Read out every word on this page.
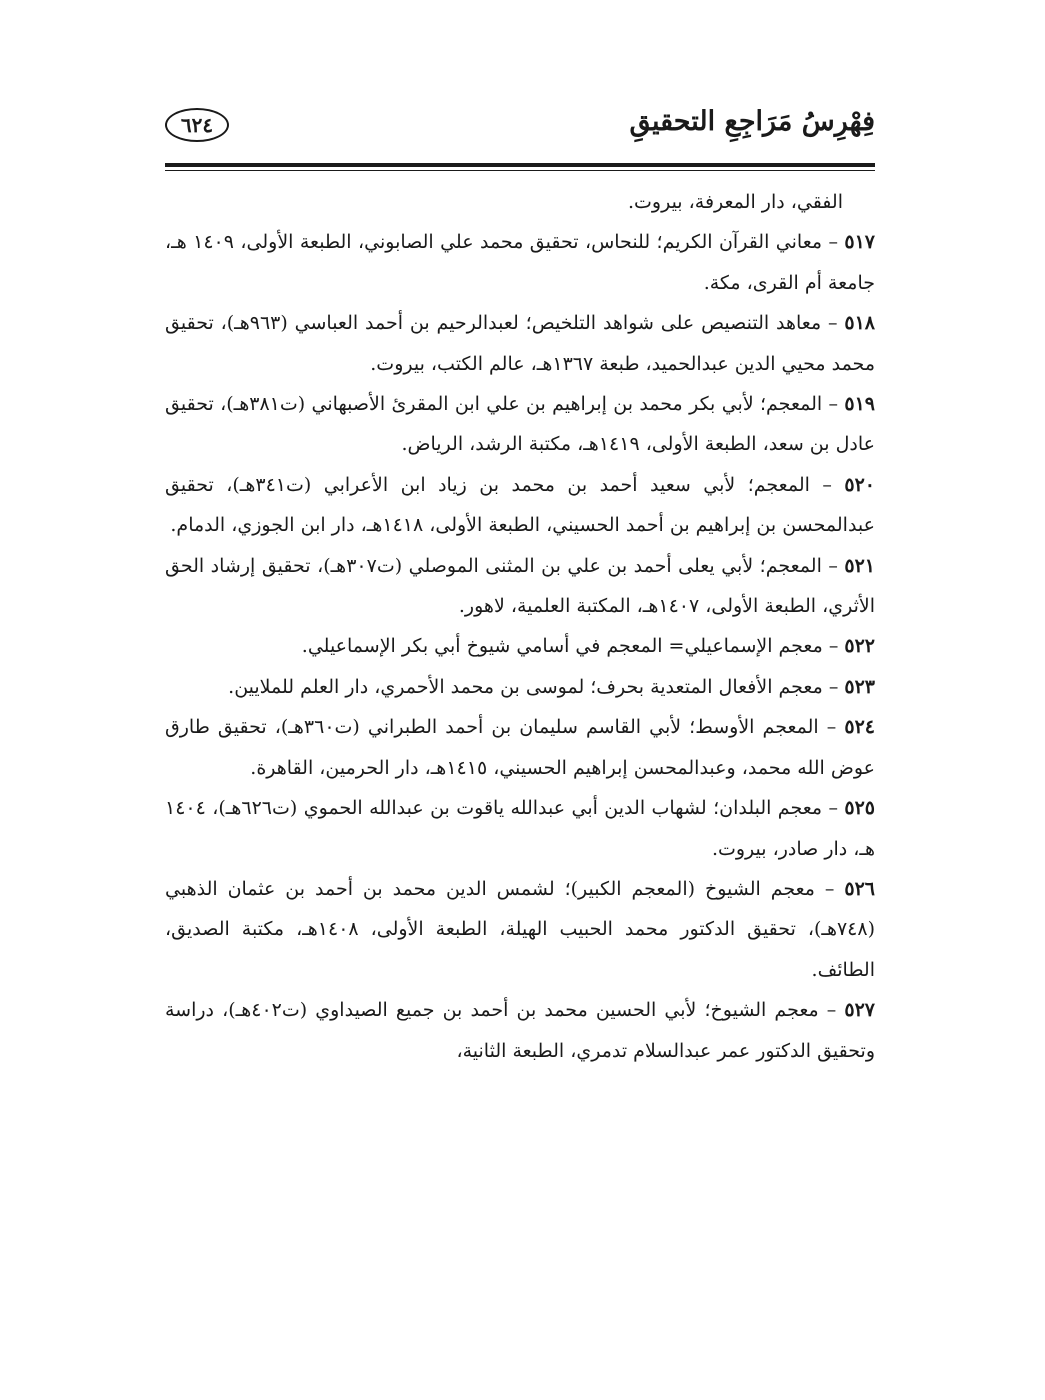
فِهْرِسُ مَرَاجِعِ التحقيقِ
٦٢٤

الفقي، دار المعرفة، بيروت.

٥١٧ – معاني القرآن الكريم؛ للنحاس، تحقيق محمد علي الصابوني، الطبعة الأولى، ١٤٠٩ هـ، جامعة أم القرى، مكة.

٥١٨ – معاهد التنصيص على شواهد التلخيص؛ لعبدالرحيم بن أحمد العباسي (٩٦٣هـ)، تحقيق محمد محيي الدين عبدالحميد، طبعة ١٣٦٧هـ، عالم الكتب، بيروت.

٥١٩ – المعجم؛ لأبي بكر محمد بن إبراهيم بن علي ابن المقرئ الأصبهاني (ت٣٨١هـ)، تحقيق عادل بن سعد، الطبعة الأولى، ١٤١٩هـ، مكتبة الرشد، الرياض.

٥٢٠ – المعجم؛ لأبي سعيد أحمد بن محمد بن زياد ابن الأعرابي (ت٣٤١هـ)، تحقيق عبدالمحسن بن إبراهيم بن أحمد الحسيني، الطبعة الأولى، ١٤١٨هـ، دار ابن الجوزي، الدمام.

٥٢١ – المعجم؛ لأبي يعلى أحمد بن علي بن المثنى الموصلي (ت٣٠٧هـ)، تحقيق إرشاد الحق الأثري، الطبعة الأولى، ١٤٠٧هـ، المكتبة العلمية، لاهور.

٥٢٢ – معجم الإسماعيلي= المعجم في أسامي شيوخ أبي بكر الإسماعيلي.

٥٢٣ – معجم الأفعال المتعدية بحرف؛ لموسى بن محمد الأحمري، دار العلم للملايين.

٥٢٤ – المعجم الأوسط؛ لأبي القاسم سليمان بن أحمد الطبراني (ت٣٦٠هـ)، تحقيق طارق عوض الله محمد، وعبدالمحسن إبراهيم الحسيني، ١٤١٥هـ، دار الحرمين، القاهرة.

٥٢٥ – معجم البلدان؛ لشهاب الدين أبي عبدالله ياقوت بن عبدالله الحموي (ت٦٢٦هـ)، ١٤٠٤ هـ، دار صادر، بيروت.

٥٢٦ – معجم الشيوخ (المعجم الكبير)؛ لشمس الدين محمد بن أحمد بن عثمان الذهبي (٧٤٨هـ)، تحقيق الدكتور محمد الحبيب الهيلة، الطبعة الأولى، ١٤٠٨هـ، مكتبة الصديق، الطائف.

٥٢٧ – معجم الشيوخ؛ لأبي الحسين محمد بن أحمد بن جميع الصيداوي (ت٤٠٢هـ)، دراسة وتحقيق الدكتور عمر عبدالسلام تدمري، الطبعة الثانية،
